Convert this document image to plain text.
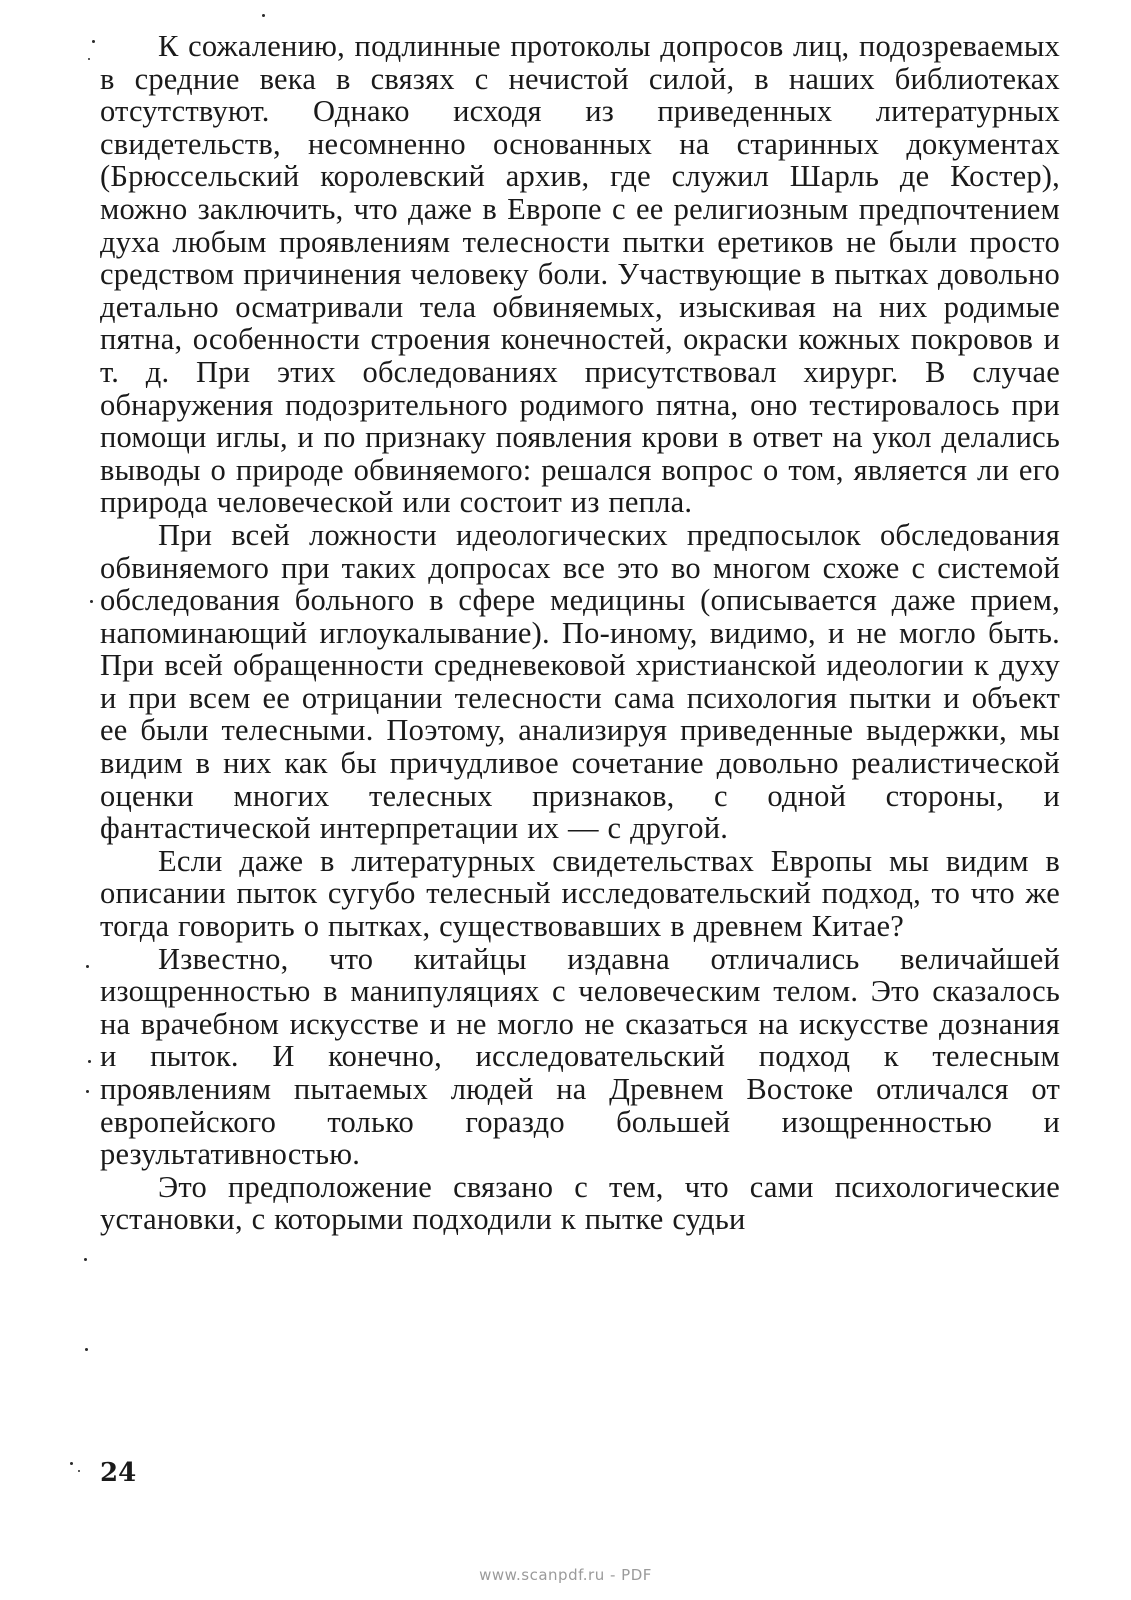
К сожалению, подлинные протоколы допросов лиц, подозреваемых в средние века в связях с нечистой силой, в наших библиотеках отсутствуют. Однако исходя из приведенных литературных свидетельств, несомненно основанных на старинных документах (Брюссельский королевский архив, где служил Шарль де Костер), можно заключить, что даже в Европе с ее религиозным предпочтением духа любым проявлениям телесности пытки еретиков не были просто средством причинения человеку боли. Участвующие в пытках довольно детально осматривали тела обвиняемых, изыскивая на них родимые пятна, особенности строения конечностей, окраски кожных покровов и т. д. При этих обследованиях присутствовал хирург. В случае обнаружения подозрительного родимого пятна, оно тестировалось при помощи иглы, и по признаку появления крови в ответ на укол делались выводы о природе обвиняемого: решался вопрос о том, является ли его природа человеческой или состоит из пепла.

При всей ложности идеологических предпосылок обследования обвиняемого при таких допросах все это во многом схоже с системой обследования больного в сфере медицины (описывается даже прием, напоминающий иглоукалывание). По-иному, видимо, и не могло быть. При всей обращенности средневековой христианской идеологии к духу и при всем ее отрицании телесности сама психология пытки и объект ее были телесными. Поэтому, анализируя приведенные выдержки, мы видим в них как бы причудливое сочетание довольно реалистической оценки многих телесных признаков, с одной стороны, и фантастической интерпретации их — с другой.

Если даже в литературных свидетельствах Европы мы видим в описании пыток сугубо телесный исследовательский подход, то что же тогда говорить о пытках, существовавших в древнем Китае?

Известно, что китайцы издавна отличались величайшей изощренностью в манипуляциях с человеческим телом. Это сказалось на врачебном искусстве и не могло не сказаться на искусстве дознания и пыток. И конечно, исследовательский подход к телесным проявлениям пытаемых людей на Древнем Востоке отличался от европейского только гораздо большей изощренностью и результативностью.

Это предположение связано с тем, что сами психологические установки, с которыми подходили к пытке судьи

24
www.scanpdf.ru - PDF
